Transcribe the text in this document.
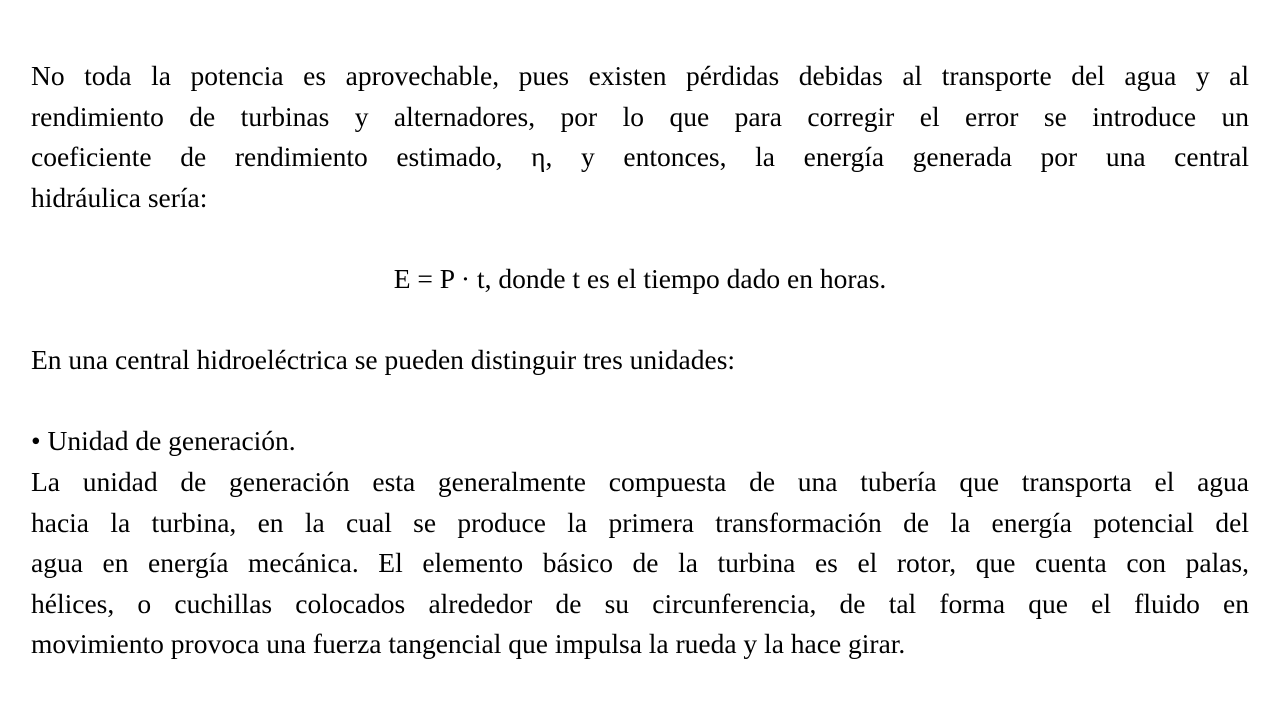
No toda la potencia es aprovechable, pues existen pérdidas debidas al transporte del agua y al
rendimiento de turbinas y alternadores, por lo que para corregir el error se introduce un
coeficiente de rendimiento estimado, η, y entonces, la energía generada por una central
hidráulica sería:

E = P · t, donde t es el tiempo dado en horas.

En una central hidroeléctrica se pueden distinguir tres unidades:

• Unidad de generación.

La unidad de generación esta generalmente compuesta de una tubería que transporta el agua
hacia la turbina, en la cual se produce la primera transformación de la energía potencial del
agua en energía mecánica. El elemento básico de la turbina es el rotor, que cuenta con palas,
hélices, o cuchillas colocados alrededor de su circunferencia, de tal forma que el fluido en
movimiento provoca una fuerza tangencial que impulsa la rueda y la hace girar.
